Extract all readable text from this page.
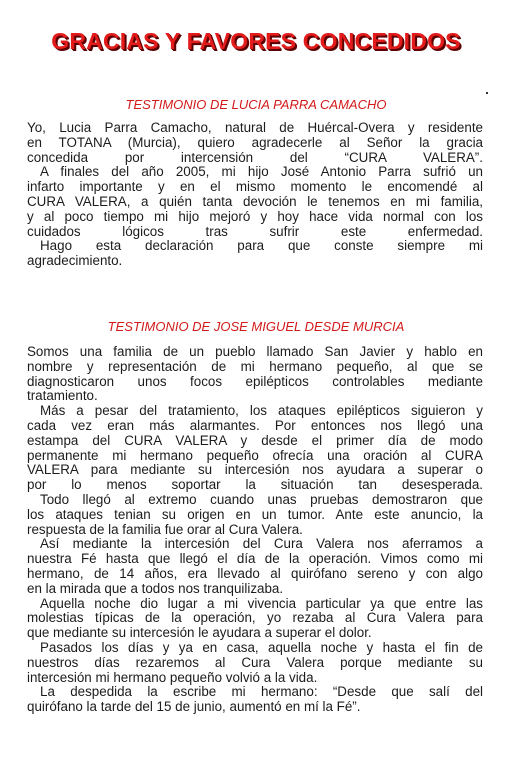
GRACIAS Y FAVORES CONCEDIDOS
TESTIMONIO DE LUCIA PARRA CAMACHO
Yo, Lucia Parra Camacho, natural de Huércal-Overa y residente
en TOTANA (Murcia), quiero agradecerle al Señor la gracia
concedida por intercensión del “CURA VALERA”.
A finales del año 2005, mi hijo José Antonio Parra sufrió un
infarto importante y en el mismo momento le encomendé al
CURA VALERA, a quién tanta devoción le tenemos en mi familia,
y al poco tiempo mi hijo mejoró y hoy hace vida normal con los
cuidados lógicos tras sufrir este enfermedad.
Hago esta declaración para que conste siempre mi
agradecimiento.
TESTIMONIO DE JOSE MIGUEL DESDE MURCIA
Somos una familia de un pueblo llamado San Javier y hablo en
nombre y representación de mi hermano pequeño, al que se
diagnosticaron unos focos epilépticos controlables mediante
tratamiento.
Más a pesar del tratamiento, los ataques epilépticos siguieron y
cada vez eran más alarmantes. Por entonces nos llegó una
estampa del CURA VALERA y desde el primer día de modo
permanente mi hermano pequeño ofrecía una oración al CURA
VALERA para mediante su intercesión nos ayudara a superar o
por lo menos soportar la situación tan desesperada.
Todo llegó al extremo cuando unas pruebas demostraron que
los ataques tenian su origen en un tumor. Ante este anuncio, la
respuesta de la familia fue orar al Cura Valera.
Así mediante la intercesión del Cura Valera nos aferramos a
nuestra Fé hasta que llegó el día de la operación. Vimos como mi
hermano, de 14 años, era llevado al quirófano sereno y con algo
en la mirada que a todos nos tranquilizaba.
Aquella noche dio lugar a mi vivencia particular ya que entre las
molestias típicas de la operación, yo rezaba al Cura Valera para
que mediante su intercesión le ayudara a superar el dolor.
Pasados los días y ya en casa, aquella noche y hasta el fin de
nuestros días rezaremos al Cura Valera porque mediante su
intercesión mi hermano pequeño volvió a la vida.
La despedida la escribe mi hermano: “Desde que salí del
quirófano la tarde del 15 de junio, aumentó en mí la Fé”.
